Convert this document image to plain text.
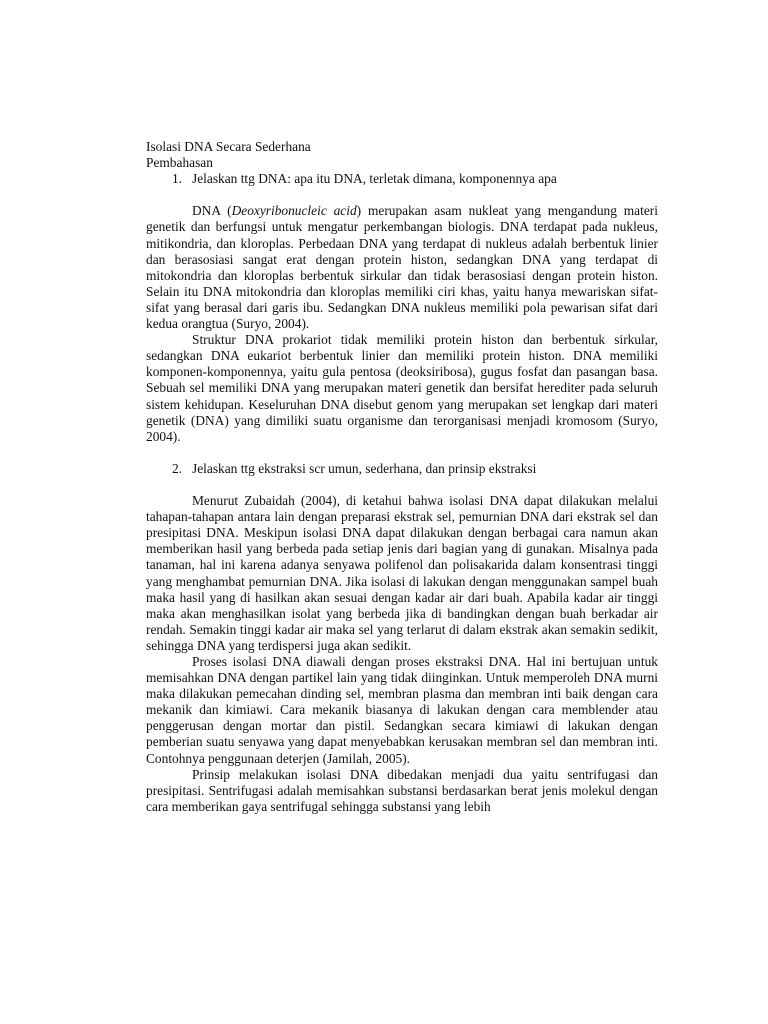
Isolasi DNA Secara Sederhana

Pembahasan

1. Jelaskan ttg DNA: apa itu DNA, terletak dimana, komponennya apa

DNA (Deoxyribonucleic acid) merupakan asam nukleat yang mengandung materi genetik dan berfungsi untuk mengatur perkembangan biologis. DNA terdapat pada nukleus, mitikondria, dan kloroplas. Perbedaan DNA yang terdapat di nukleus adalah berbentuk linier dan berasosiasi sangat erat dengan protein histon, sedangkan DNA yang terdapat di mitokondria dan kloroplas berbentuk sirkular dan tidak berasosiasi dengan protein histon. Selain itu DNA mitokondria dan kloroplas memiliki ciri khas, yaitu hanya mewariskan sifat-sifat yang berasal dari garis ibu. Sedangkan DNA nukleus memiliki pola pewarisan sifat dari kedua orangtua (Suryo, 2004).

Struktur DNA prokariot tidak memiliki protein histon dan berbentuk sirkular, sedangkan DNA eukariot berbentuk linier dan memiliki protein histon. DNA memiliki komponen-komponennya, yaitu gula pentosa (deoksiribosa), gugus fosfat dan pasangan basa. Sebuah sel memiliki DNA yang merupakan materi genetik dan bersifat herediter pada seluruh sistem kehidupan. Keseluruhan DNA disebut genom yang merupakan set lengkap dari materi genetik (DNA) yang dimiliki suatu organisme dan terorganisasi menjadi kromosom (Suryo, 2004).

2. Jelaskan ttg ekstraksi scr umun, sederhana, dan prinsip ekstraksi

Menurut Zubaidah (2004), di ketahui bahwa isolasi DNA dapat dilakukan melalui tahapan-tahapan antara lain dengan preparasi ekstrak sel, pemurnian DNA dari ekstrak sel dan presipitasi DNA. Meskipun isolasi DNA dapat dilakukan dengan berbagai cara namun akan memberikan hasil yang berbeda pada setiap jenis dari bagian yang di gunakan. Misalnya pada tanaman, hal ini karena adanya senyawa polifenol dan polisakarida dalam konsentrasi tinggi yang menghambat pemurnian DNA. Jika isolasi di lakukan dengan menggunakan sampel buah maka hasil yang di hasilkan akan sesuai dengan kadar air dari buah. Apabila kadar air tinggi maka akan menghasilkan isolat yang berbeda jika di bandingkan dengan buah berkadar air rendah. Semakin tinggi kadar air maka sel yang terlarut di dalam ekstrak akan semakin sedikit, sehingga DNA yang terdispersi juga akan sedikit.

Proses isolasi DNA diawali dengan proses ekstraksi DNA. Hal ini bertujuan untuk memisahkan DNA dengan partikel lain yang tidak diinginkan. Untuk memperoleh DNA murni maka dilakukan pemecahan dinding sel, membran plasma dan membran inti baik dengan cara mekanik dan kimiawi. Cara mekanik biasanya di lakukan dengan cara memblender atau penggerusan dengan mortar dan pistil. Sedangkan secara kimiawi di lakukan dengan pemberian suatu senyawa yang dapat menyebabkan kerusakan membran sel dan membran inti. Contohnya penggunaan deterjen (Jamilah, 2005).

Prinsip melakukan isolasi DNA dibedakan menjadi dua yaitu sentrifugasi dan presipitasi. Sentrifugasi adalah memisahkan substansi berdasarkan berat jenis molekul dengan cara memberikan gaya sentrifugal sehingga substansi yang lebih
